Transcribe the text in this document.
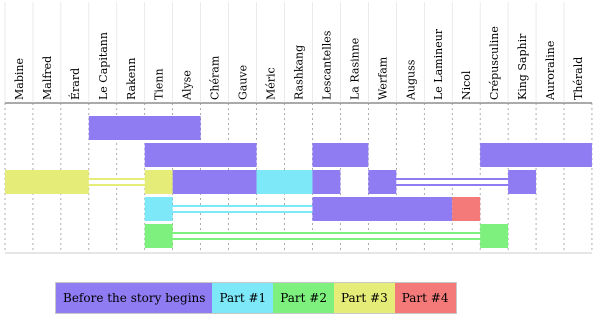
Mabine Malfred Érard Le Capitann Rakenn Tienn Alyse Chéram Gauve Méric Rashkang Lescantelles La Rasinne Werfam Auguss Le Lamineur Nicol Crépusculine King Saphir Auroraline Thérald
Before the story begins	Part #1	Part #2	Part #3	Part #4
